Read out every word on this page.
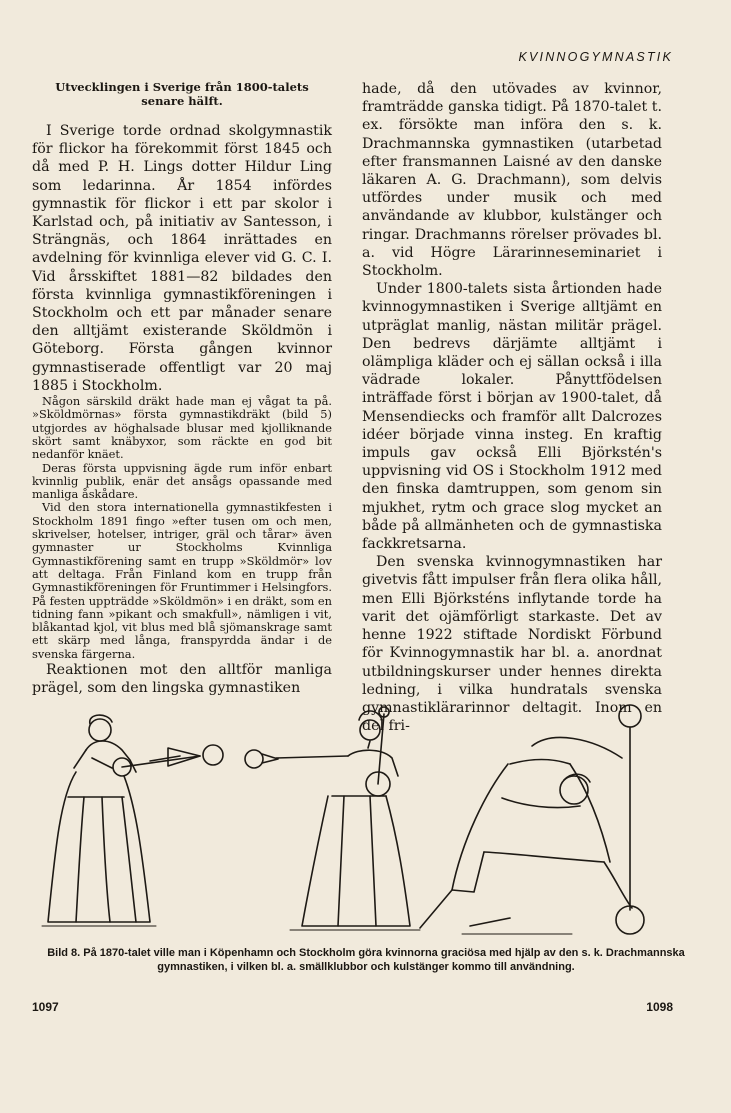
KVINNOGYMNASTIK

Utvecklingen i Sverige från 1800-talets senare hälft.

I Sverige torde ordnad skolgymnastik för flickor ha förekommit först 1845 och då med P. H. Lings dotter Hildur Ling som ledarinna. År 1854 infördes gymnastik för flickor i ett par skolor i Karlstad och, på initiativ av Santesson, i Strängnäs, och 1864 inrättades en avdelning för kvinnliga elever vid G. C. I. Vid årsskiftet 1881—82 bildades den första kvinnliga gymnastikföreningen i Stockholm och ett par månader senare den alltjämt existerande Sköldmön i Göteborg. Första gången kvinnor gymnastiserade offentligt var 20 maj 1885 i Stockholm.

Någon särskild dräkt hade man ej vågat ta på. »Sköldmörnas» första gymnastikdräkt (bild 5) utgjordes av höghalsade blusar med kjolliknande skört samt knäbyxor, som räckte en god bit nedanför knäet.

Deras första uppvisning ägde rum inför enbart kvinnlig publik, enär det ansågs opassande med manliga åskådare.

Vid den stora internationella gymnastikfesten i Stockholm 1891 fingo »efter tusen om och men, skrivelser, hotelser, intriger, gräl och tårar» även gymnaster ur Stockholms Kvinnliga Gymnastikförening samt en trupp »Sköldmör» lov att deltaga. Från Finland kom en trupp från Gymnastikföreningen för Fruntimmer i Helsingfors. På festen uppträdde »Sköldmön» i en dräkt, som en tidning fann »pikant och smakfull», nämligen i vit, blåkantad kjol, vit blus med blå sjömanskrage samt ett skärp med långa, franspyrdda ändar i de svenska färgerna.

Reaktionen mot den alltför manliga prägel, som den lingska gymnastiken

hade, då den utövades av kvinnor, framträdde ganska tidigt. På 1870-talet t. ex. försökte man införa den s. k. Drachmannska gymnastiken (utarbetad efter fransmannen Laisné av den danske läkaren A. G. Drachmann), som delvis utfördes under musik och med användande av klubbor, kulstänger och ringar. Drachmanns rörelser prövades bl. a. vid Högre Lärarinneseminariet i Stockholm.

Under 1800-talets sista årtionden hade kvinnogymnastiken i Sverige alltjämt en utpräglat manlig, nästan militär prägel. Den bedrevs därjämte alltjämt i olämpliga kläder och ej sällan också i illa vädrade lokaler. Pånyttfödelsen inträffade först i början av 1900-talet, då Mensendiecks och framför allt Dalcrozes idéer började vinna insteg. En kraftig impuls gav också Elli Björkstén's uppvisning vid OS i Stockholm 1912 med den finska damtruppen, som genom sin mjukhet, rytm och grace slog mycket an både på allmänheten och de gymnastiska fackkretsarna.

Den svenska kvinnogymnastiken har givetvis fått impulser från flera olika håll, men Elli Björksténs inflytande torde ha varit det ojämförligt starkaste. Det av henne 1922 stiftade Nordiskt Förbund för Kvinnogymnastik har bl. a. anordnat utbildningskurser under hennes direkta ledning, i vilka hundratals svenska gymnastiklärarinnor deltagit. Inom en del fri-

Bild 8. På 1870-talet ville man i Köpenhamn och Stockholm göra kvinnorna graciösa med hjälp av den s. k. Drachmannska gymnastiken, i vilken bl. a. smällklubbor och kulstänger kommo till användning.
1097	1098
